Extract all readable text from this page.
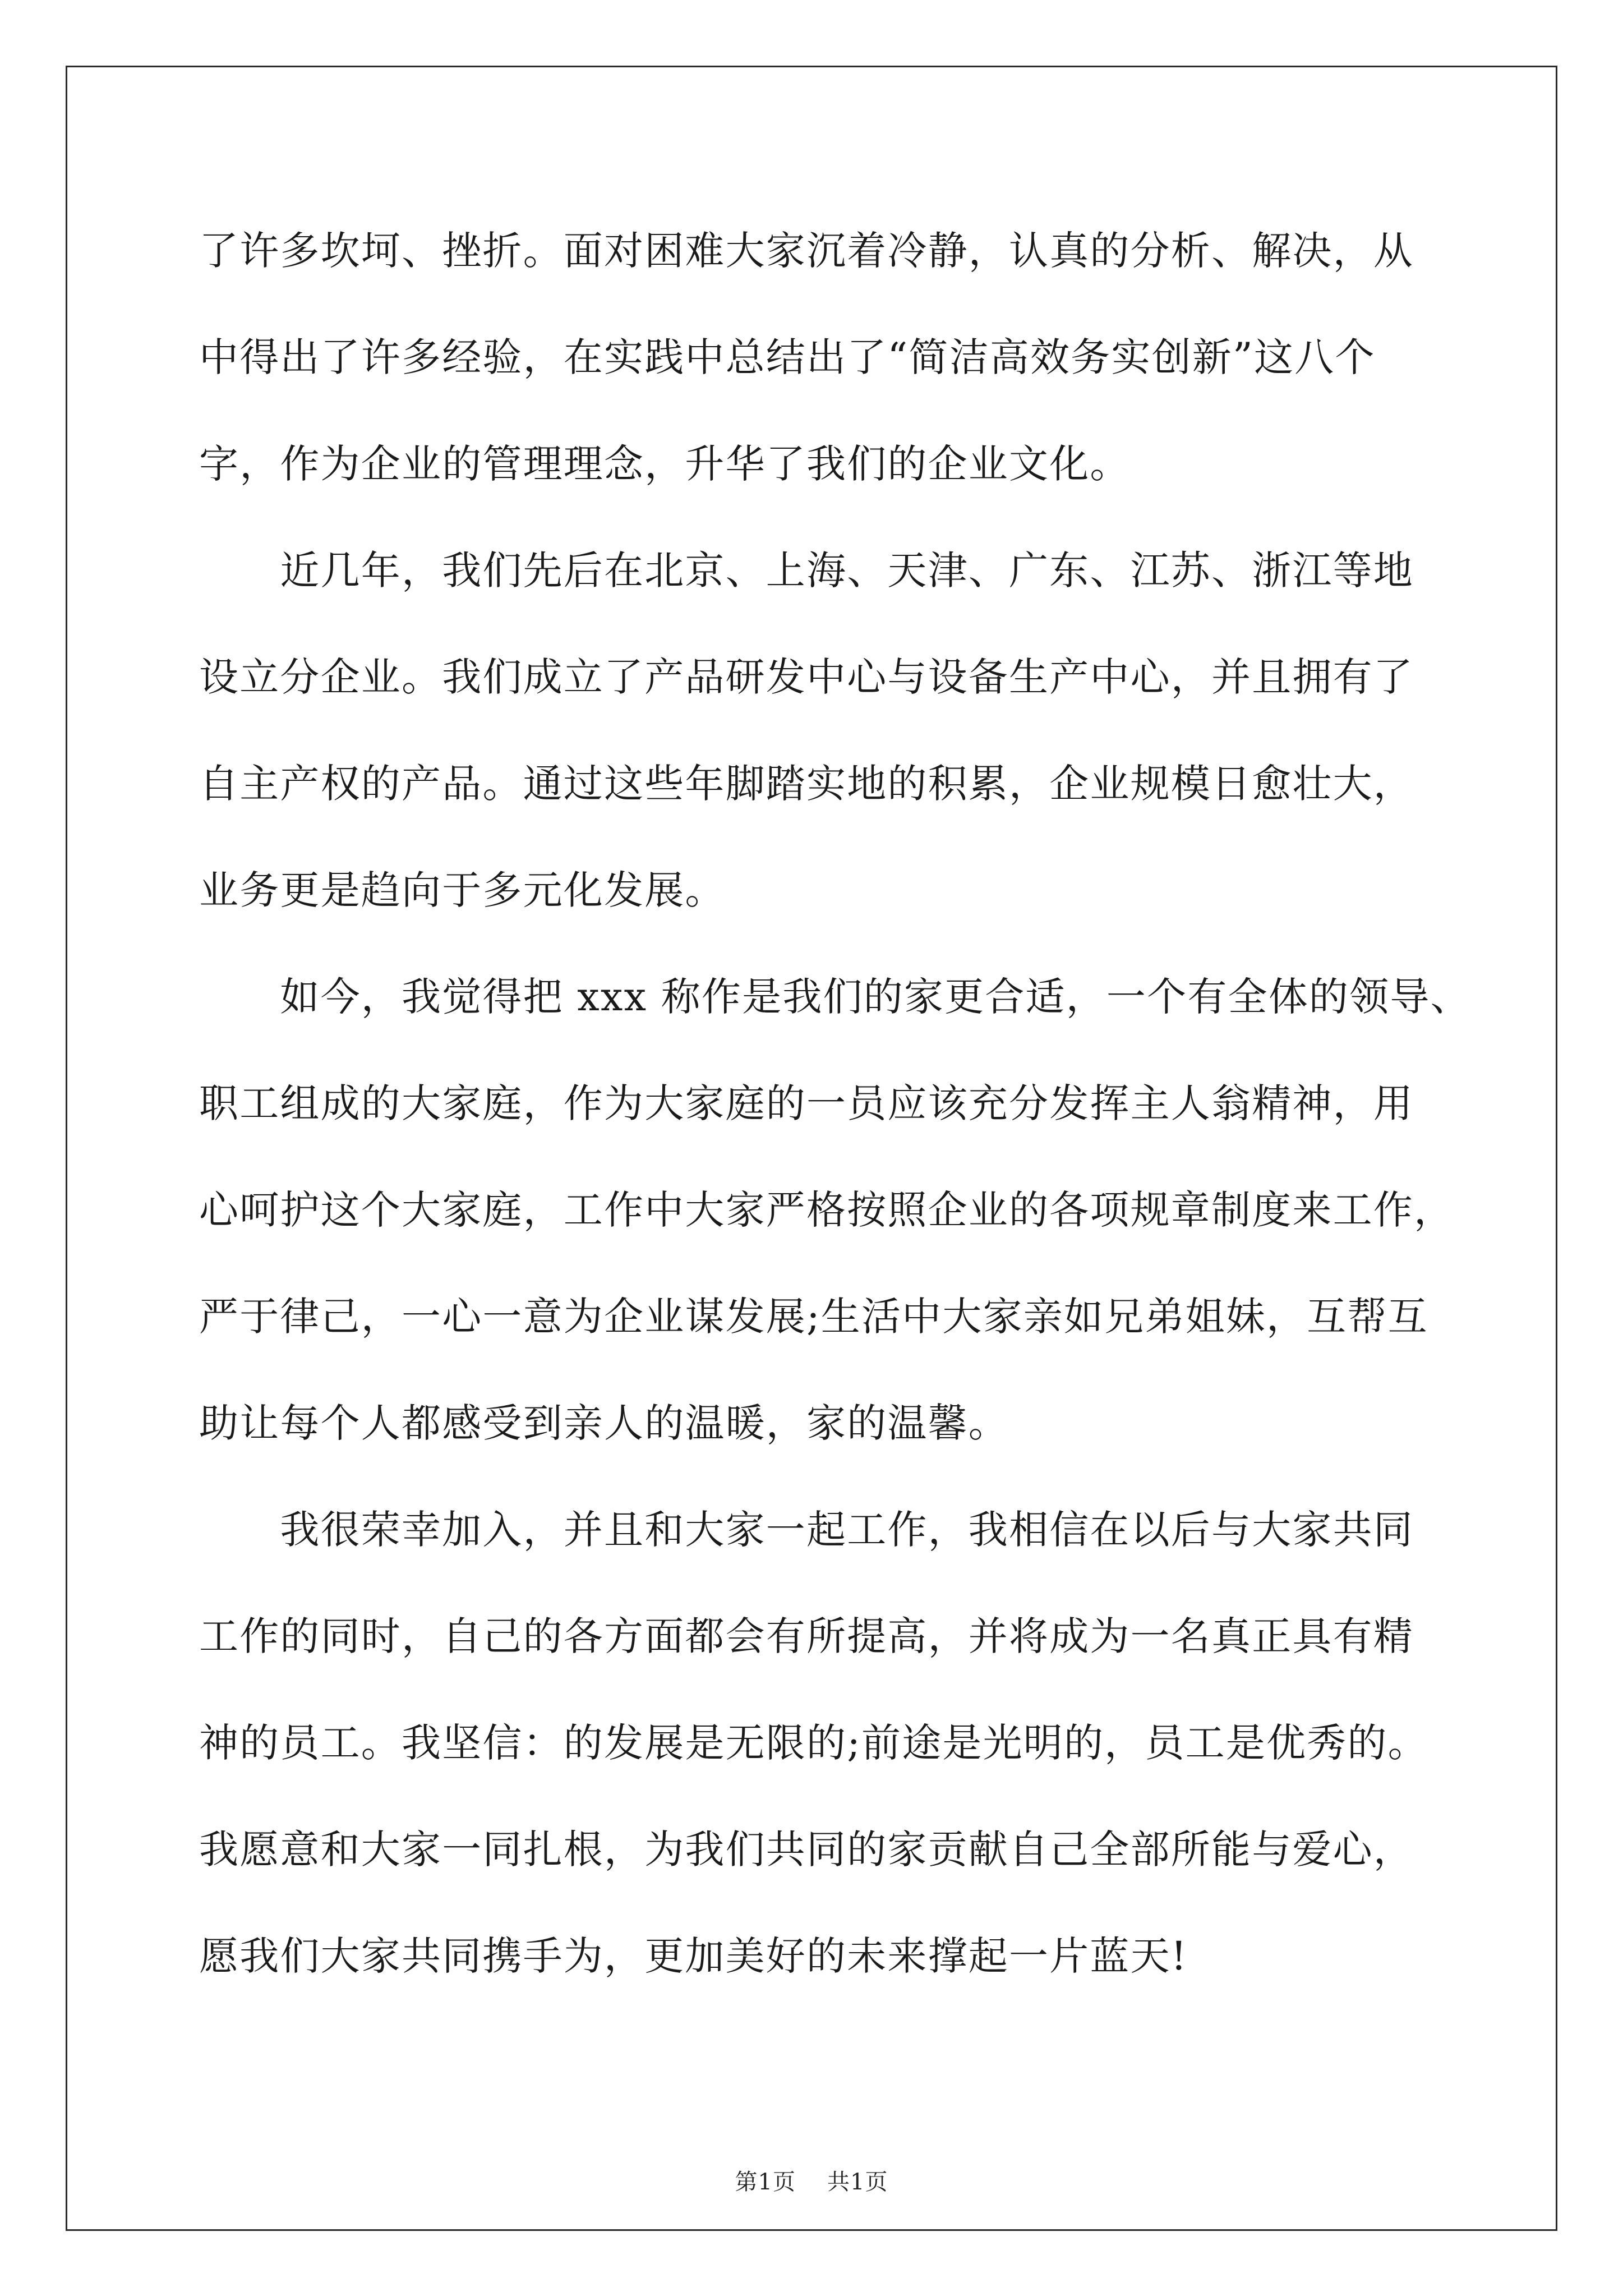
了许多坎坷、挫折。面对困难大家沉着冷静，认真的分析、解决，从
中得出了许多经验，在实践中总结出了“简洁高效务实创新”这八个
字，作为企业的管理理念，升华了我们的企业文化。
　　近几年，我们先后在北京、上海、天津、广东、江苏、浙江等地
设立分企业。我们成立了产品研发中心与设备生产中心，并且拥有了
自主产权的产品。通过这些年脚踏实地的积累，企业规模日愈壮大，
业务更是趋向于多元化发展。
　　如今，我觉得把 xxx 称作是我们的家更合适，一个有全体的领导、
职工组成的大家庭，作为大家庭的一员应该充分发挥主人翁精神，用
心呵护这个大家庭，工作中大家严格按照企业的各项规章制度来工作，
严于律己，一心一意为企业谋发展;生活中大家亲如兄弟姐妹，互帮互
助让每个人都感受到亲人的温暖，家的温馨。
　　我很荣幸加入，并且和大家一起工作，我相信在以后与大家共同
工作的同时，自己的各方面都会有所提高，并将成为一名真正具有精
神的员工。我坚信：的发展是无限的;前途是光明的，员工是优秀的。
我愿意和大家一同扎根，为我们共同的家贡献自己全部所能与爱心，
愿我们大家共同携手为，更加美好的未来撑起一片蓝天!
第1页 共1页
